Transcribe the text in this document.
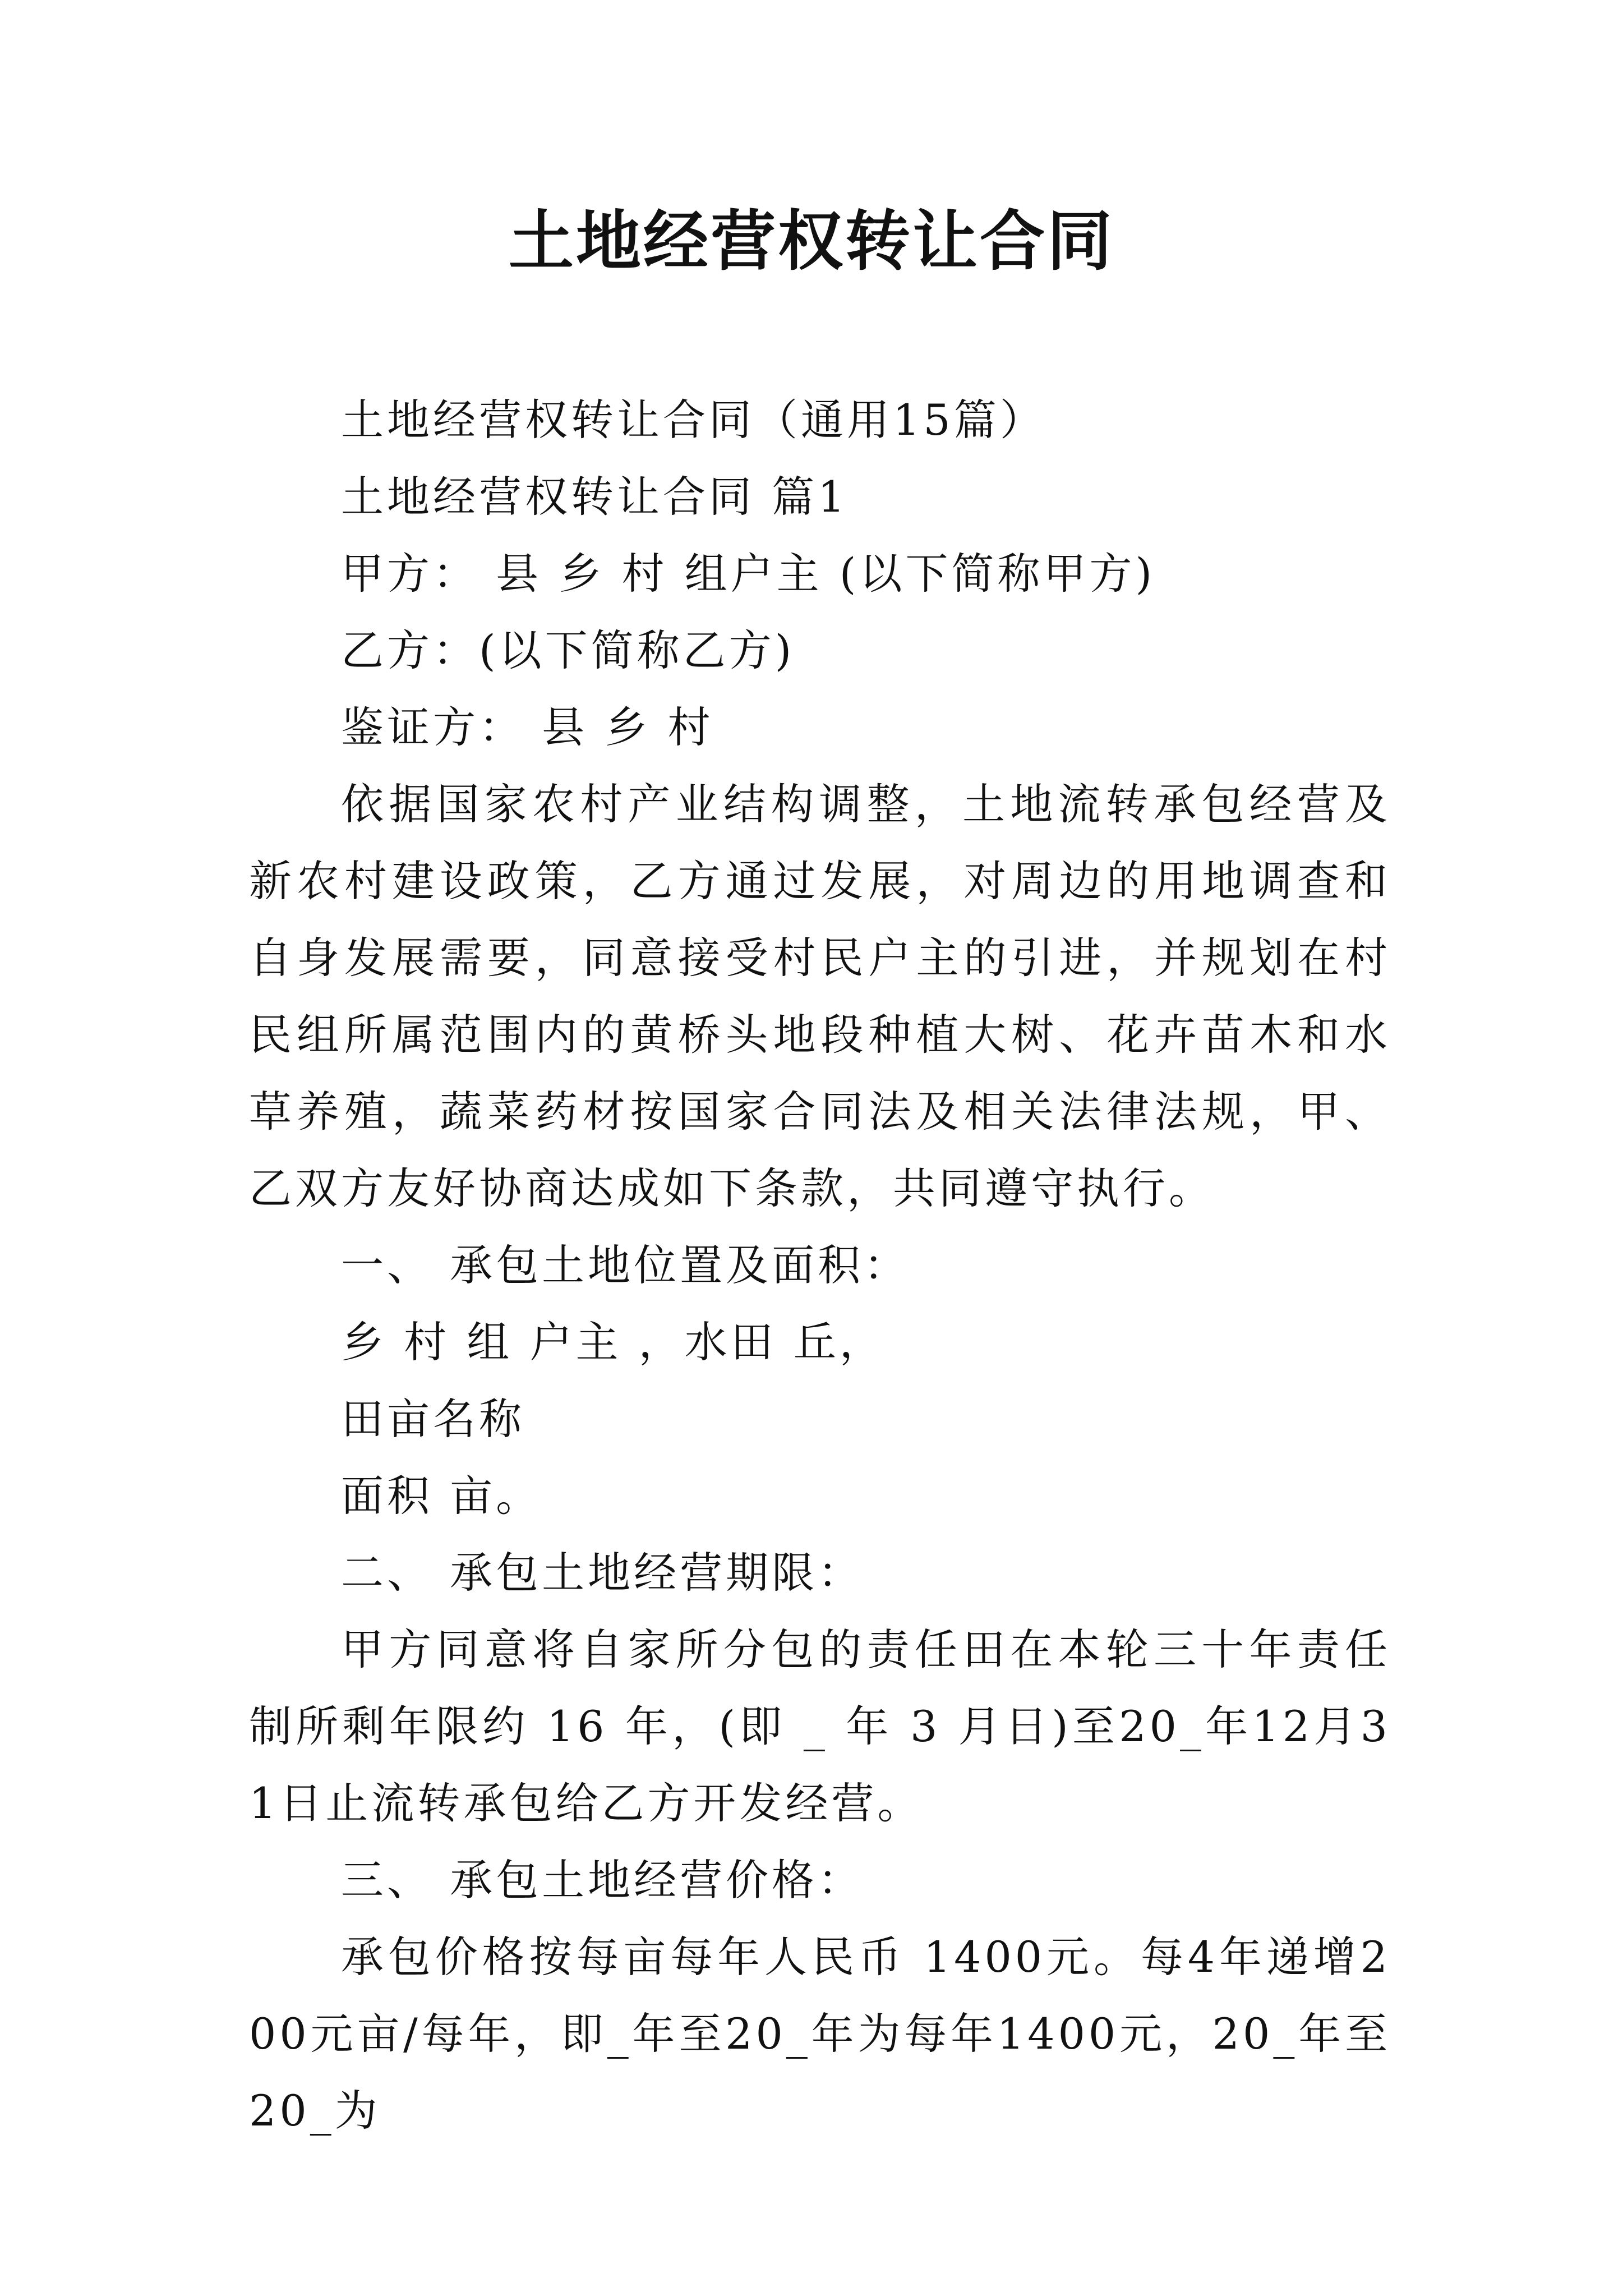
土地经营权转让合同

土地经营权转让合同（通用15篇）

土地经营权转让合同 篇1

甲方： 县 乡 村 组户主 (以下简称甲方)

乙方：(以下简称乙方)

鉴证方： 县 乡 村

依据国家农村产业结构调整，土地流转承包经营及新农村建设政策，乙方通过发展，对周边的用地调查和自身发展需要，同意接受村民户主的引进，并规划在村民组所属范围内的黄桥头地段种植大树、花卉苗木和水草养殖，蔬菜药材按国家合同法及相关法律法规，甲、乙双方友好协商达成如下条款，共同遵守执行。

一、 承包土地位置及面积：

乡 村 组 户主 ，水田 丘，

田亩名称

面积 亩。

二、 承包土地经营期限：

甲方同意将自家所分包的责任田在本轮三十年责任制所剩年限约 16 年，(即 _ 年 3 月日)至20_年12月31日止流转承包给乙方开发经营。

三、 承包土地经营价格：

承包价格按每亩每年人民币 1400元。每4年递增200元亩/每年，即_年至20_年为每年1400元，20_年至20_为
